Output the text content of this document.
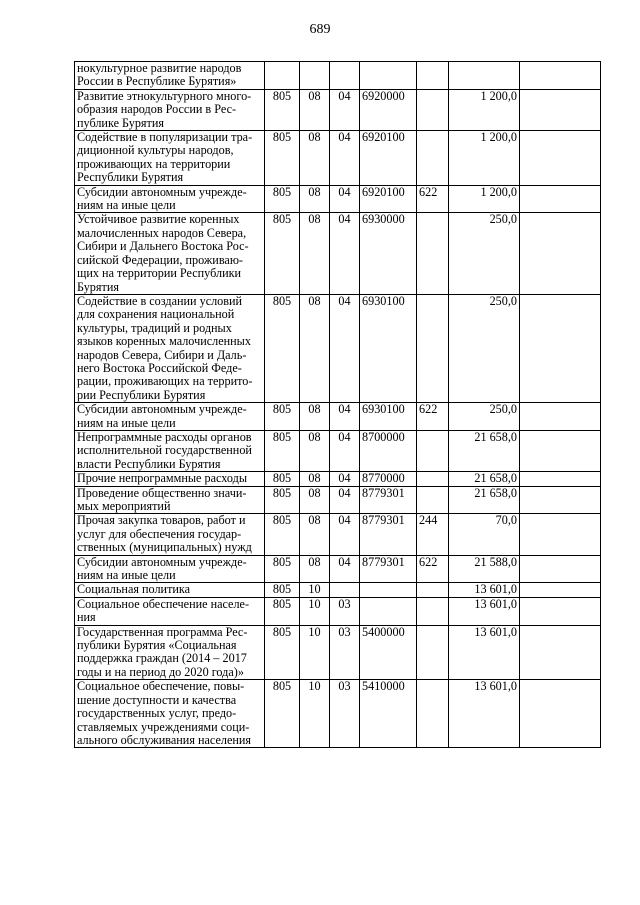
689
нокультурное развитие народов России в Республике Бурятия»							
Развитие этнокультурного много-образия народов России в Рес-публике Бурятия	805	08	04	6920000		1 200,0	
Содействие в популяризации тра-диционной культуры народов, проживающих на территории Республики Бурятия	805	08	04	6920100		1 200,0	
Субсидии автономным учрежде-ниям на иные цели	805	08	04	6920100	622	1 200,0	
Устойчивое развитие коренных малочисленных народов Севера, Сибири и Дальнего Востока Рос-сийской Федерации, проживаю-щих на территории Республики Бурятия	805	08	04	6930000		250,0	
Содействие в создании условий для сохранения национальной культуры, традиций и родных языков коренных малочисленных народов Севера, Сибири и Даль-него Востока Российской Феде-рации, проживающих на террито-рии Республики Бурятия	805	08	04	6930100		250,0	
Субсидии автономным учрежде-ниям на иные цели	805	08	04	6930100	622	250,0	
Непрограммные расходы органов исполнительной государственной власти Республики Бурятия	805	08	04	8700000		21 658,0	
Прочие непрограммные расходы	805	08	04	8770000		21 658,0	
Проведение общественно значи-мых мероприятий	805	08	04	8779301		21 658,0	
Прочая закупка товаров, работ и услуг для обеспечения государ-ственных (муниципальных) нужд	805	08	04	8779301	244	70,0	
Субсидии автономным учрежде-ниям на иные цели	805	08	04	8779301	622	21 588,0	
Социальная политика	805	10				13 601,0	
Социальное обеспечение населе-ния	805	10	03			13 601,0	
Государственная программа Рес-публики Бурятия «Социальная поддержка граждан (2014 – 2017 годы и на период до 2020 года)»	805	10	03	5400000		13 601,0	
Социальное обеспечение, повы-шение доступности и качества государственных услуг, предо-ставляемых учреждениями соци-ального обслуживания населения	805	10	03	5410000		13 601,0	
